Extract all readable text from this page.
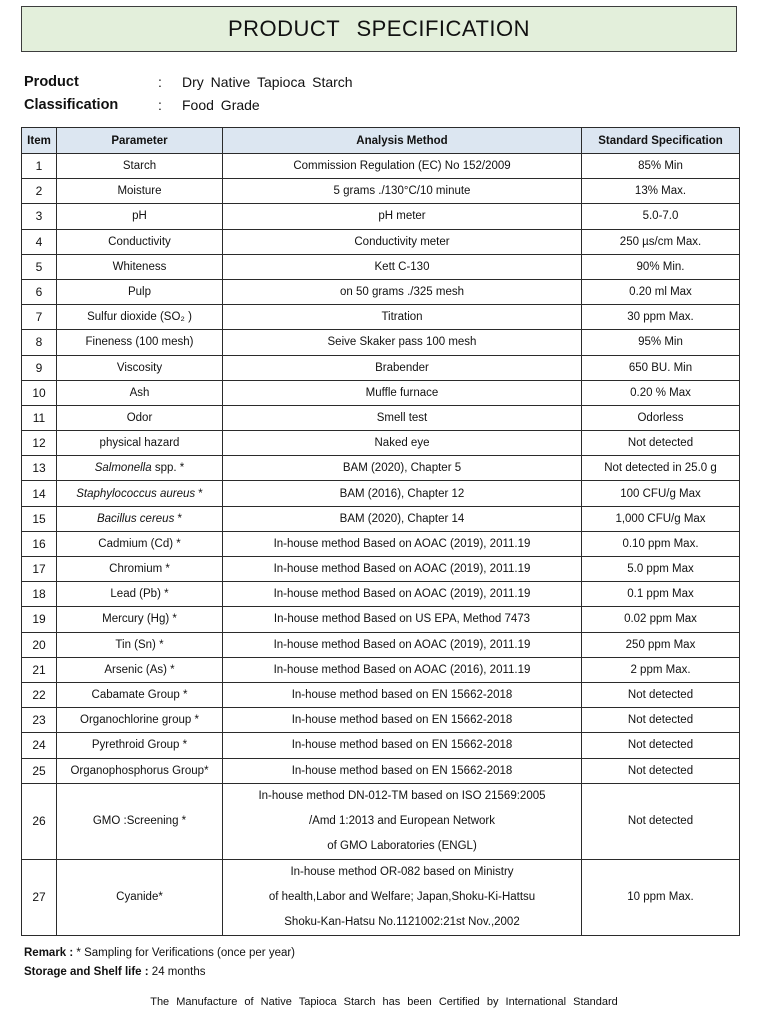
PRODUCT SPECIFICATION
Product	:	Dry Native Tapioca Starch
Classification	:	Food Grade
Item	Parameter	Analysis Method	Standard Specification
1	Starch	Commission Regulation (EC) No 152/2009	85% Min
2	Moisture	5 grams ./130°C/10 minute	13% Max.
3	pH	pH meter	5.0-7.0
4	Conductivity	Conductivity meter	250 µs/cm Max.
5	Whiteness	Kett C-130	90% Min.
6	Pulp	on 50 grams ./325 mesh	0.20 ml Max
7	Sulfur dioxide (SO₂ )	Titration	30 ppm Max.
8	Fineness (100 mesh)	Seive Skaker pass 100 mesh	95% Min
9	Viscosity	Brabender	650 BU. Min
10	Ash	Muffle furnace	0.20 % Max
11	Odor	Smell test	Odorless
12	physical hazard	Naked eye	Not detected
13	Salmonella spp. *	BAM (2020), Chapter 5	Not detected in 25.0 g
14	Staphylococcus aureus *	BAM (2016), Chapter 12	100 CFU/g Max
15	Bacillus cereus *	BAM (2020), Chapter 14	1,000 CFU/g Max
16	Cadmium (Cd) *	In-house method Based on AOAC (2019), 2011.19	0.10 ppm Max.
17	Chromium *	In-house method Based on AOAC (2019), 2011.19	5.0 ppm Max
18	Lead (Pb) *	In-house method Based on AOAC (2019), 2011.19	0.1 ppm Max
19	Mercury (Hg) *	In-house method Based on US EPA, Method 7473	0.02 ppm Max
20	Tin (Sn) *	In-house method Based on AOAC (2019), 2011.19	250 ppm Max
21	Arsenic (As) *	In-house method Based on AOAC (2016), 2011.19	2 ppm Max.
22	Cabamate Group *	In-house method based on EN 15662-2018	Not detected
23	Organochlorine group *	In-house method based on EN 15662-2018	Not detected
24	Pyrethroid Group *	In-house method based on EN 15662-2018	Not detected
25	Organophosphorus Group*	In-house method based on EN 15662-2018	Not detected
26	GMO :Screening *	In-house method DN-012-TM based on ISO 21569:2005
/Amd 1:2013 and European Network
of GMO Laboratories (ENGL)	Not detected
27	Cyanide*	In-house method OR-082 based on Ministry
of health,Labor and Welfare; Japan,Shoku-Ki-Hattsu
Shoku-Kan-Hatsu No.1121002:21st Nov.,2002	10 ppm Max.
Remark : * Sampling for Verifications (once per year)
Storage and Shelf life : 24 months
The Manufacture of Native Tapioca Starch has been Certified by International Standard
